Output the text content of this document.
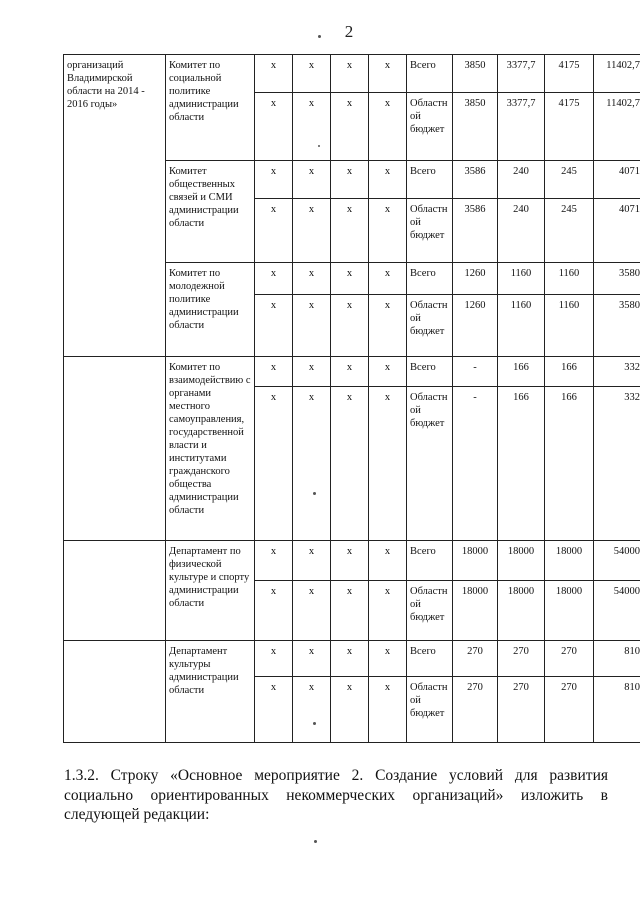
2
организаций Владимирской области на 2014 - 2016 годы»	Комитет по социальной политике администрации области	х	х	х	х	Всего	3850	3377,7	4175	11402,7
		х	х	х	х	Областн ой бюджет	3850	3377,7	4175	11402,7
	Комитет общественных связей и СМИ администрации области	х	х	х	х	Всего	3586	240	245	4071
		х	х	х	х	Областн ой бюджет	3586	240	245	4071
	Комитет по молодежной политике администрации области	х	х	х	х	Всего	1260	1160	1160	3580
		х	х	х	х	Областн ой бюджет	1260	1160	1160	3580
	Комитет по взаимодействию с органами местного самоуправления, государственной власти и институтами гражданского общества администрации области	х	х	х	х	Всего	-	166	166	332
		х	х	х	х	Областн ой бюджет	-	166	166	332
	Департамент по физической культуре и спорту администрации области	х	х	х	х	Всего	18000	18000	18000	54000
		х	х	х	х	Областн ой бюджет	18000	18000	18000	54000
	Департамент культуры администрации области	х	х	х	х	Всего	270	270	270	810
		х	х	х	х	Областн ой бюджет	270	270	270	810
1.3.2. Строку «Основное мероприятие 2. Создание условий для развития социально ориентированных некоммерческих организаций» изложить в следующей редакции:
